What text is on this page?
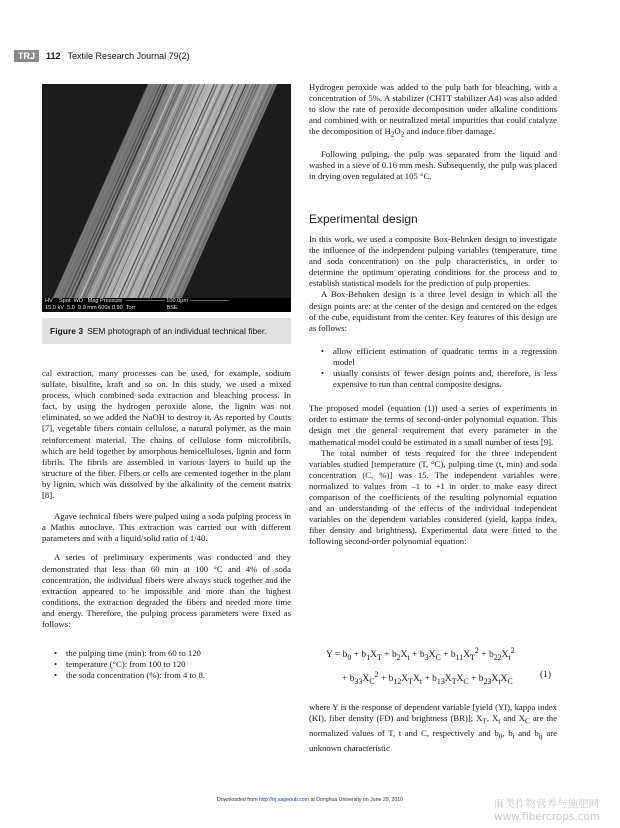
TRJ	112 Textile Research Journal 79(2)
HV    Spot  WD   Mag Pressure  ——————— 100.0μm ———————
15.0 kV  5.0  9.9 mm 600x 0.90  Torr                    BSE
Figure 3 SEM photograph of an individual technical fiber.

cal extraction, many processes can be used, for example, sodium sulfate, bisulfite, kraft and so on. In this study, we used a mixed process, which combined soda extraction and bleaching process. In fact, by using the hydrogen peroxide alone, the lignin was not eliminated, so we added the NaOH to destroy it. As reported by Coutts [7], vegetable fibers contain cellulose, a natural polymer, as the main reinforcement material. The chains of cellulose form microfibrils, which are held together by amorphous hemicelluloses, lignin and form fibrils. The fibrils are assembled in various layers to build up the structure of the fiber. Fibers or cells are cemented together in the plant by lignin, which was dissolved by the alkalinity of the cement matrix [8].

Agave technical fibers were pulped using a soda pulping process in a Mathis autoclave. This extraction was carried out with different parameters and with a liquid/solid ratio of 1/40.

A series of preliminary experiments was conducted and they demonstrated that less than 60 min at 100 °C and 4% of soda concentration, the individual fibers were always stuck together and the extraction appeared to be impossible and more than the highest conditions, the extraction degraded the fibers and needed more time and energy. Therefore, the pulping process parameters were fixed as follows:

• the pulping time (min): from 60 to 120
• temperature (°C): from 100 to 120
• the soda concentration (%): from 4 to 8.

Hydrogen peroxide was added to the pulp bath for bleaching, with a concentration of 5%. A stabilizer (CHTT stabilizer A4) was also added to slow the rate of peroxide decomposition under alkaline conditions and combined with or neutralized metal impurities that could catalyze the decomposition of $H_2O_2$ and induce fiber damage.

Following pulping, the pulp was separated from the liquid and washed in a sieve of 0.16 mm mesh. Subsequently, the pulp was placed in drying oven regulated at 105 °C.

Experimental design

In this work, we used a composite Box-Behnken design to investigate the influence of the independent pulping variables (temperature, time and soda concentration) on the pulp characteristics, in order to determine the optimum operating conditions for the process and to establish statistical models for the prediction of pulp properties.

A Box-Behnken design is a three level design in which all the design points are: at the center of the design and centered on the edges of the cube, equidistant from the center. Key features of this design are as follows:

• allow efficient estimation of quadratic terms in a regression model
• usually consists of fewer design points and, therefore, is less expensive to run than central composite designs.

The proposed model (equation (1)) used a series of experiments in order to estimate the terms of second-order polynomial equation. This design met the general requirement that every parameter in the mathematical model could be estimated in a small number of tests [9].

The total number of tests required for the three independent variables studied [temperature (T, °C), pulping time (t, min) and soda concentration (C, %)] was 15. The independent variables were normalized to values from –1 to +1 in order to make easy direct comparison of the coefficients of the resulting polynomial equation and an understanding of the effects of the individual independent variables on the dependent variables considered (yield, kappa index, fiber density and brightness). Experimental data were fitted to the following second-order polynomial equation:

$Y = b_0 + b_1X_T + b_2X_t + b_3X_C + b_{11}X_T^2 + b_{22}X_t^2$
+ $b_{33}X_C^2 + b_{12}X_TX_t + b_{13}X_TX_C + b_{23}X_tX_C$
(1)

where Y is the response of dependent variable [yield (YI), kappa index (KI), fiber density (FD) and brightness (BR)]; $X_T$, $X_t$ and $X_C$ are the normalized values of T, t and C, respectively and $b_0$, $b_i$ and $b_{ij}$ are unknown characteristic

Downloaded from http://trj.sagepub.com at Donghua University on June 29, 2010	麻类作物营养与施肥网
www.fibercrops.com
